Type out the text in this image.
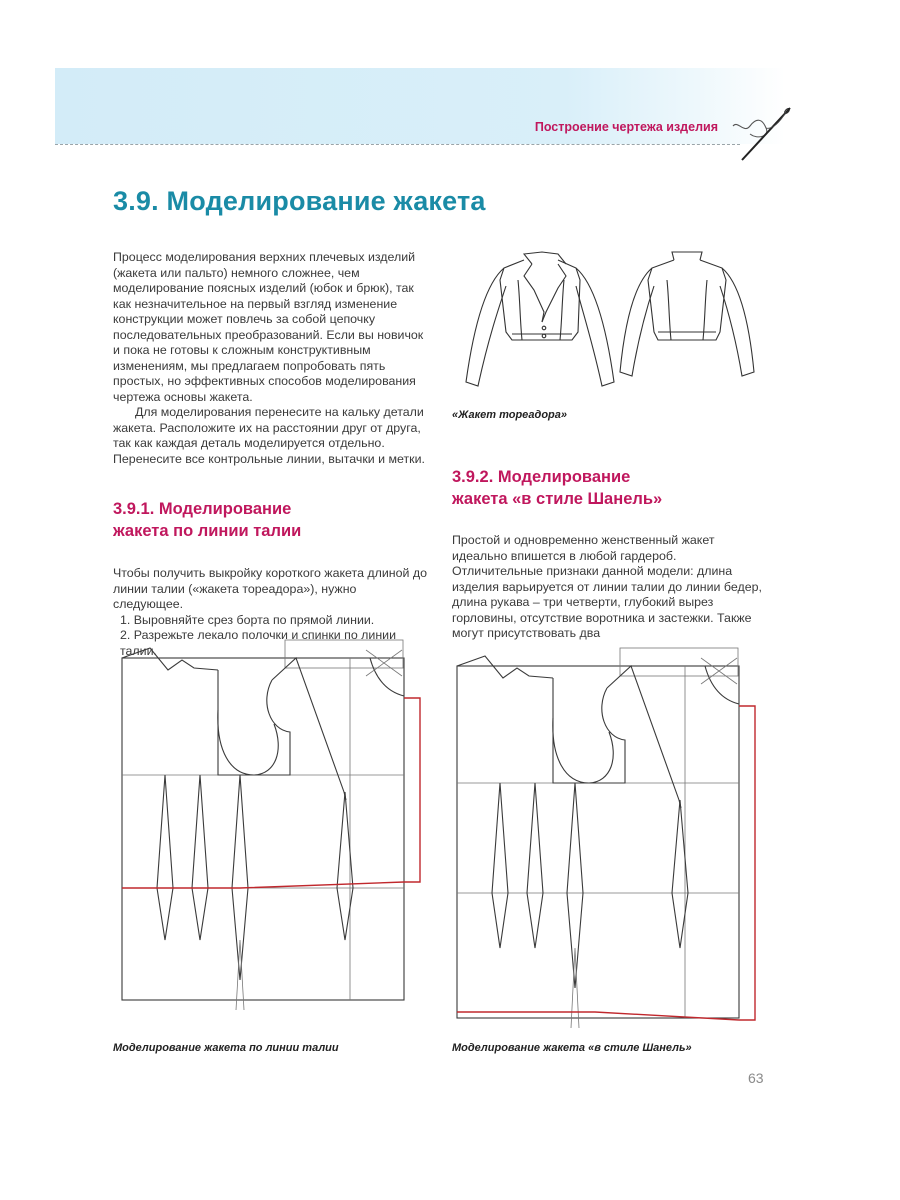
Построение чертежа изделия
3.9. Моделирование жакета

Процесс моделирования верхних плечевых изделий (жакета или пальто) немного сложнее, чем моделирование поясных изделий (юбок и брюк), так как незначительное на первый взгляд изменение конструкции может повлечь за собой цепочку последовательных преобразований. Если вы новичок и пока не готовы к сложным конструктивным изменениям, мы предлагаем попробовать пять простых, но эффективных способов моделирования чертежа основы жакета.

Для моделирования перенесите на кальку детали жакета. Расположите их на расстоянии друг от друга, так как каждая деталь моделируется отдельно. Перенесите все контрольные линии, вытачки и метки.

«Жакет тореадора»
3.9.2. Моделирование
жакета «в стиле Шанель»
3.9.1. Моделирование
жакета по линии талии	Простой и одновременно женственный жакет идеально впишется в любой гардероб. Отличительные признаки данной модели: длина изделия варьируется от линии талии до линии бедер, длина рукава – три четверти, глубокий вырез горловины, отсутствие воротника и застежки. Также могут присутствовать два

Чтобы получить выкройку короткого жакета длиной до линии талии («жакета тореадора»), нужно следующее.

1. Выровняйте срез борта по прямой линии.
2. Разрежьте лекало полочки и спинки по линии талии.
Моделирование жакета по линии талии	Моделирование жакета «в стиле Шанель»
63
